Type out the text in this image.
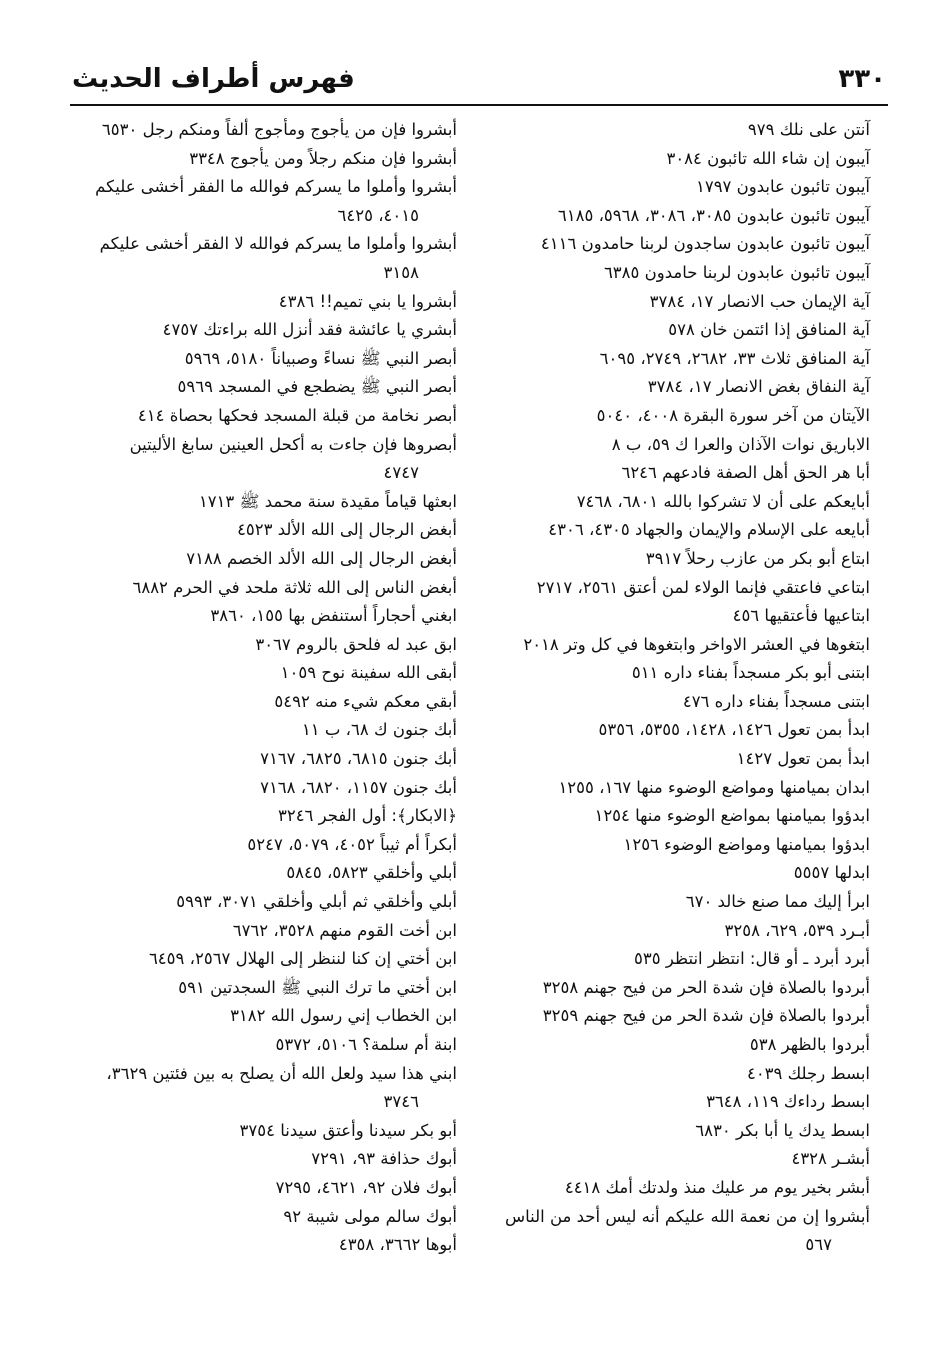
٣٣٠
فهرس أطراف الحديث
آنتن على نلك ٩٧٩
آيبون إن شاء الله تائبون ٣٠٨٤
آيبون تائبون عابدون ١٧٩٧
آيبون تائبون عابدون ٣٠٨٥، ٣٠٨٦، ٥٩٦٨، ٦١٨٥
آيبون تائبون عابدون ساجدون لربنا حامدون ٤١١٦
آيبون تائبون عابدون لربنا حامدون ٦٣٨٥
آية الإيمان حب الانصار ١٧، ٣٧٨٤
آية المنافق إذا ائتمن خان ٥٧٨
آية المنافق ثلاث ٣٣، ٢٦٨٢، ٢٧٤٩، ٦٠٩٥
آية النفاق بغض الانصار ١٧، ٣٧٨٤
الآيتان من آخر سورة البقرة ٤٠٠٨، ٥٠٤٠
الاباريق نوات الآذان والعرا ك ٥٩، ب ٨
أبا هر الحق أهل الصفة فادعهم ٦٢٤٦
أبايعكم على أن لا تشركوا بالله ٦٨٠١، ٧٤٦٨
أبايعه على الإسلام والإيمان والجهاد ٤٣٠٥، ٤٣٠٦
ابتاع أبو بكر من عازب رحلاً ٣٩١٧
ابتاعي فاعتقي فإنما الولاء لمن أعتق ٢٥٦١، ٢٧١٧
ابتاعيها فأعتقيها ٤٥٦
ابتغوها في العشر الاواخر وابتغوها في كل وتر ٢٠١٨
ابتنى أبو بكر مسجداً بفناء داره ٥١١
ابتنى مسجداً بفناء داره ٤٧٦
ابدأ بمن تعول ١٤٢٦، ١٤٢٨، ٥٣٥٥، ٥٣٥٦
ابدأ بمن تعول ١٤٢٧
ابدان بميامنها ومواضع الوضوء منها ١٦٧، ١٢٥٥
ابدؤوا بميامنها بمواضع الوضوء منها ١٢٥٤
ابدؤوا بميامنها ومواضع الوضوء ١٢٥٦
ابدلها ٥٥٥٧
ابرأ إليك مما صنع خالد ٦٧٠
أبـرد ٥٣٩، ٦٢٩، ٣٢٥٨
أبرد أبرد ـ أو قال: انتظر انتظر ٥٣٥
أبردوا بالصلاة فإن شدة الحر من فيح جهنم ٣٢٥٨
أبردوا بالصلاة فإن شدة الحر من فيح جهنم ٣٢٥٩
أبردوا بالظهر ٥٣٨
ابسط رجلك ٤٠٣٩
ابسط رداءك ١١٩، ٣٦٤٨
ابسط يدك يا أبا بكر ٦٨٣٠
أبشـر ٤٣٢٨
أبشر بخير يوم مر عليك منذ ولدتك أمك ٤٤١٨
أبشروا إن من نعمة الله عليكم أنه ليس أحد من الناس
٥٦٧
أبشروا فإن من يأجوج ومأجوج ألفاً ومنكم رجل ٦٥٣٠
أبشروا فإن منكم رجلاً ومن يأجوج ٣٣٤٨
أبشروا وأملوا ما يسركم فوالله ما الفقر أخشى عليكم
٤٠١٥، ٦٤٢٥
أبشروا وأملوا ما يسركم فوالله لا الفقر أخشى عليكم
٣١٥٨
أبشروا يا بني تميم!! ٤٣٨٦
أبشري يا عائشة فقد أنزل الله براءتك ٤٧٥٧
أبصر النبي ﷺ نساءً وصبياناً ٥١٨٠، ٥٩٦٩
أبصر النبي ﷺ يضطجع في المسجد ٥٩٦٩
أبصر نخامة من قبلة المسجد فحكها بحصاة ٤١٤
أبصروها فإن جاءت به أكحل العينين سابغ الأليتين
٤٧٤٧
ابعثها قياماً مقيدة سنة محمد ﷺ ١٧١٣
أبغض الرجال إلى الله الألد ٤٥٢٣
أبغض الرجال إلى الله الألد الخصم ٧١٨٨
أبغض الناس إلى الله ثلاثة ملحد في الحرم ٦٨٨٢
ابغني أحجاراً أستنفض بها ١٥٥، ٣٨٦٠
ابق عبد له فلحق بالروم ٣٠٦٧
أبقى الله سفينة نوح ١٠٥٩
أبقي معكم شيء منه ٥٤٩٢
أبك جنون ك ٦٨، ب ١١
أبك جنون ٦٨١٥، ٦٨٢٥، ٧١٦٧
أبك جنون ١١٥٧، ٦٨٢٠، ٧١٦٨
﴿الابكار﴾: أول الفجر ٣٢٤٦
أبكراً أم ثيباً ٤٠٥٢، ٥٠٧٩، ٥٢٤٧
أبلي وأخلقي ٥٨٢٣، ٥٨٤٥
أبلي وأخلقي ثم أبلي وأخلقي ٣٠٧١، ٥٩٩٣
ابن أخت القوم منهم ٣٥٢٨، ٦٧٦٢
ابن أختي إن كنا لننظر إلى الهلال ٢٥٦٧، ٦٤٥٩
ابن أختي ما ترك النبي ﷺ السجدتين ٥٩١
ابن الخطاب إني رسول الله ٣١٨٢
ابنة أم سلمة؟ ٥١٠٦، ٥٣٧٢
ابني هذا سيد ولعل الله أن يصلح به بين فئتين ٣٦٢٩،
٣٧٤٦
أبو بكر سيدنا وأعتق سيدنا ٣٧٥٤
أبوك حذافة ٩٣، ٧٢٩١
أبوك فلان ٩٢، ٤٦٢١، ٧٢٩٥
أبوك سالم مولى شيبة ٩٢
أبوها ٣٦٦٢، ٤٣٥٨
